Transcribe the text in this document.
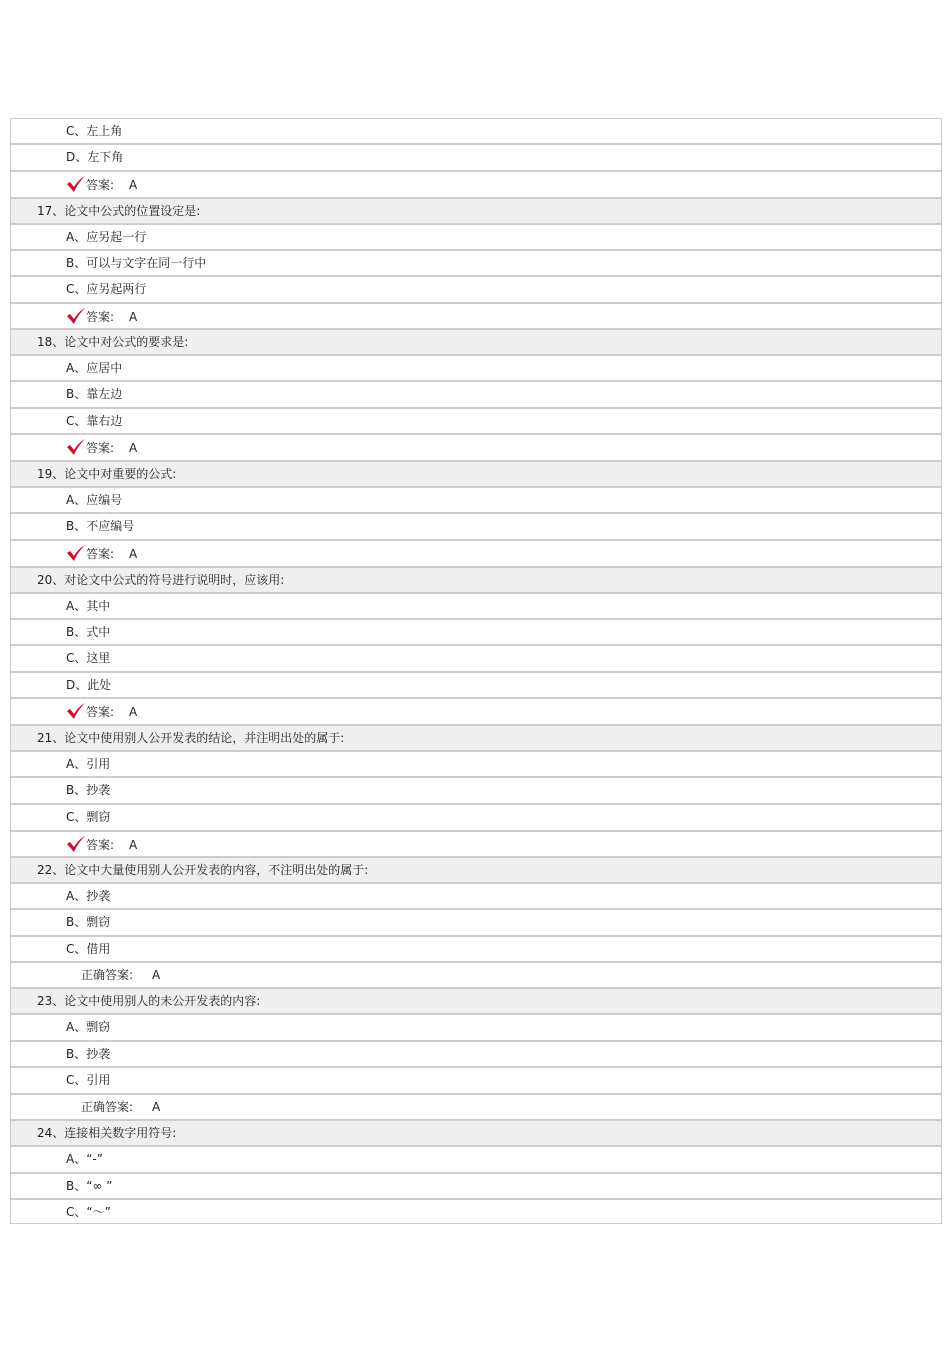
C、左上角
D、左下角
答案: A
17、论文中公式的位置设定是:
A、应另起一行
B、可以与文字在同一行中
C、应另起两行
答案: A
18、论文中对公式的要求是:
A、应居中
B、靠左边
C、靠右边
答案: A
19、论文中对重要的公式:
A、应编号
B、不应编号
答案: A
20、对论文中公式的符号进行说明时，应该用:
A、其中
B、式中
C、这里
D、此处
答案: A
21、论文中使用别人公开发表的结论，并注明出处的属于:
A、引用
B、抄袭
C、剽窃
答案: A
22、论文中大量使用别人公开发表的内容，不注明出处的属于:
A、抄袭
B、剽窃
C、借用
正确答案: A
23、论文中使用别人的未公开发表的内容:
A、剽窃
B、抄袭
C、引用
正确答案: A
24、连接相关数字用符号:
A、“-”
B、“∞ ”
C、“～”
